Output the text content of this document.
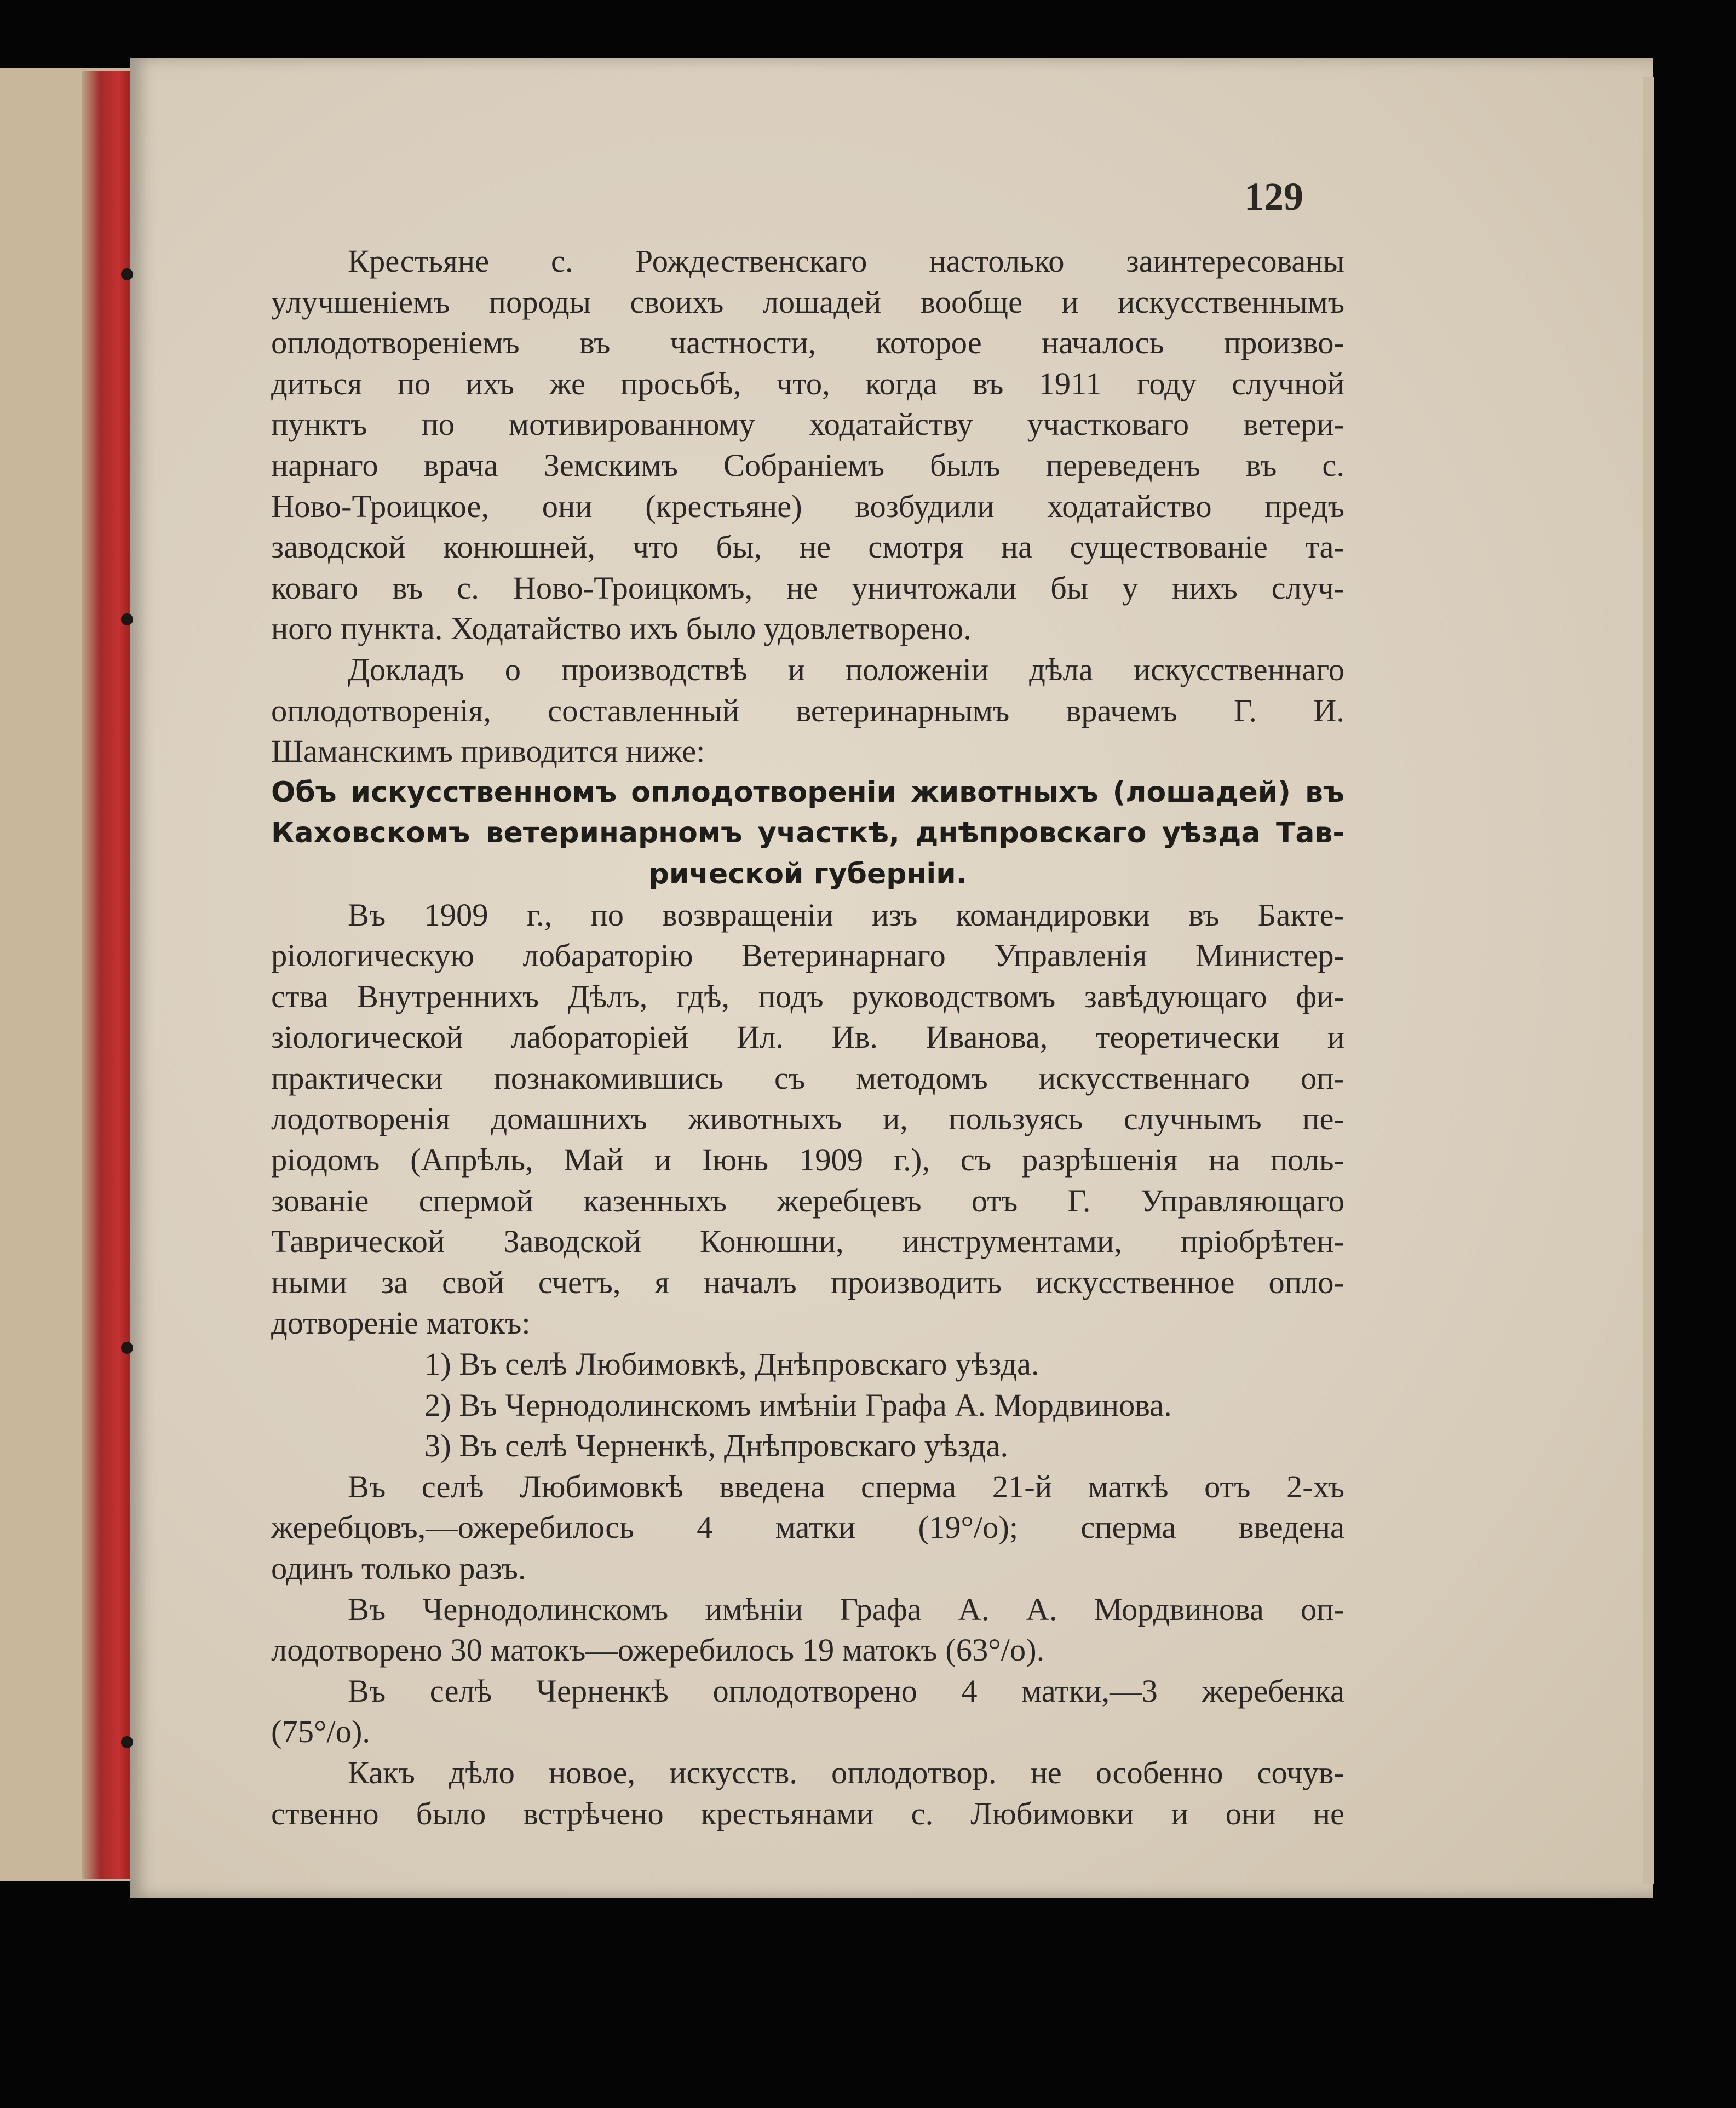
129
Крестьяне с. Рождественскаго настолько заинтересованы
улучшеніемъ породы своихъ лошадей вообще и искусственнымъ
оплодотвореніемъ въ частности, которое началось произво-
диться по ихъ же просьбѣ, что, когда въ 1911 году случной
пунктъ по мотивированному ходатайству участковаго ветери-
нарнаго врача Земскимъ Собраніемъ былъ переведенъ въ с.
Ново-Троицкое, они (крестьяне) возбудили ходатайство предъ
заводской конюшней, что бы, не смотря на существованіе та-
коваго въ с. Ново-Троицкомъ, не уничтожали бы у нихъ случ-
ного пункта. Ходатайство ихъ было удовлетворено.
Докладъ о производствѣ и положеніи дѣла искусственнаго
оплодотворенія, составленный ветеринарнымъ врачемъ Г. И.
Шаманскимъ приводится ниже:
Объ искусственномъ оплодотвореніи животныхъ (лошадей) въ
Каховскомъ ветеринарномъ участкѣ, днѣпровскаго уѣзда Тав-
рической губерніи.
Въ 1909 г., по возвращеніи изъ командировки въ Бакте-
ріологическую лобараторію Ветеринарнаго Управленія Министер-
ства Внутреннихъ Дѣлъ, гдѣ, подъ руководствомъ завѣдующаго фи-
зіологической лабораторіей Ил. Ив. Иванова, теоретически и
практически познакомившись съ методомъ искусственнаго оп-
лодотворенія домашнихъ животныхъ и, пользуясь случнымъ пе-
ріодомъ (Апрѣль, Май и Іюнь 1909 г.), съ разрѣшенія на поль-
зованіе спермой казенныхъ жеребцевъ отъ Г. Управляющаго
Таврической Заводской Конюшни, инструментами, пріобрѣтен-
ными за свой счетъ, я началъ производить искусственное опло-
дотвореніе матокъ:
1) Въ селѣ Любимовкѣ, Днѣпровскаго уѣзда.
2) Въ Чернодолинскомъ имѣніи Графа А. Мордвинова.
3) Въ селѣ Черненкѣ, Днѣпровскаго уѣзда.
Въ селѣ Любимовкѣ введена сперма 21-й маткѣ отъ 2-хъ
жеребцовъ,—ожеребилось 4 матки (19°/о); сперма введена
одинъ только разъ.
Въ Чернодолинскомъ имѣніи Графа А. А. Мордвинова оп-
лодотворено 30 матокъ—ожеребилось 19 матокъ (63°/о).
Въ селѣ Черненкѣ оплодотворено 4 матки,—3 жеребенка
(75°/о).
Какъ дѣло новое, искусств. оплодотвор. не особенно сочув-
ственно было встрѣчено крестьянами с. Любимовки и они не
